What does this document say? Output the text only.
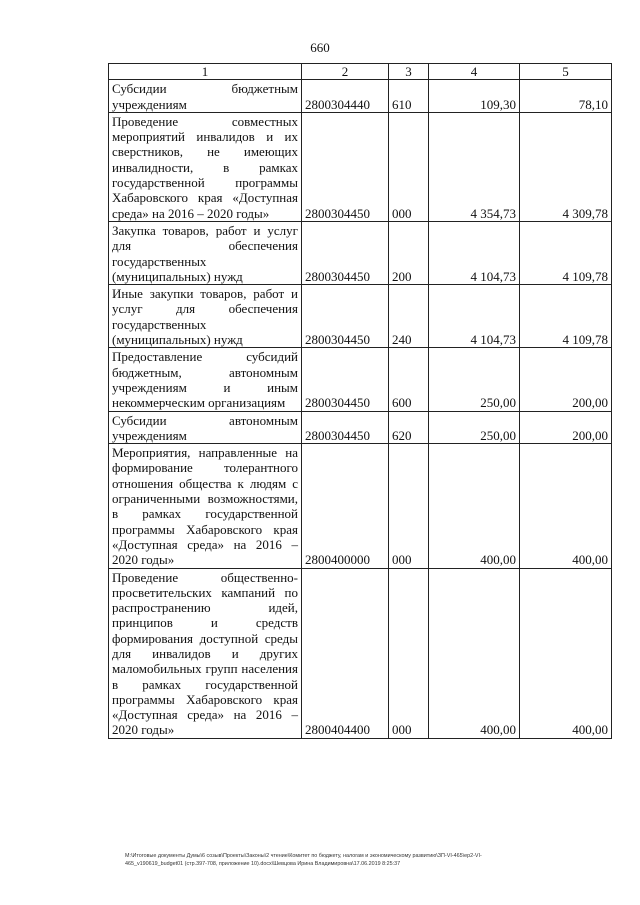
660
1	2	3	4	5
Субсидии бюджетным учреждениям	2800304440	610	109,30	78,10
Проведение совместных мероприятий инвалидов и их сверстников, не имеющих инвалидности, в рамках государственной программы Хабаровского края «Доступная среда» на 2016 – 2020 годы»	2800304450	000	4 354,73	4 309,78
Закупка товаров, работ и услуг для обеспечения государственных (муниципальных) нужд	2800304450	200	4 104,73	4 109,78
Иные закупки товаров, работ и услуг для обеспечения государственных (муниципальных) нужд	2800304450	240	4 104,73	4 109,78
Предоставление субсидий бюджетным, автономным учреждениям и иным некоммерческим организациям	2800304450	600	250,00	200,00
Субсидии автономным учреждениям	2800304450	620	250,00	200,00
Мероприятия, направленные на формирование толерантного отношения общества к людям с ограниченными возможностями, в рамках государственной программы Хабаровского края «Доступная среда» на 2016 – 2020 годы»	2800400000	000	400,00	400,00
Проведение общественно-просветительских кампаний по распространению идей, принципов и средств формирования доступной среды для инвалидов и других маломобильных групп населения в рамках государственной программы Хабаровского края «Доступная среда» на 2016 – 2020 годы»	2800404400	000	400,00	400,00
M:\Итоговые документы Думы\6 созыв\Проекты\Законы\2 чтение\Комитет по бюджету, налогам и экономическому развитию\ЗП-VI-465\ep2-VI-
465_v190619_budget01 (стр.397-708, приложение 10).docx\Шевцова Ирина Владимировна\17.06.2019 8:25:37
